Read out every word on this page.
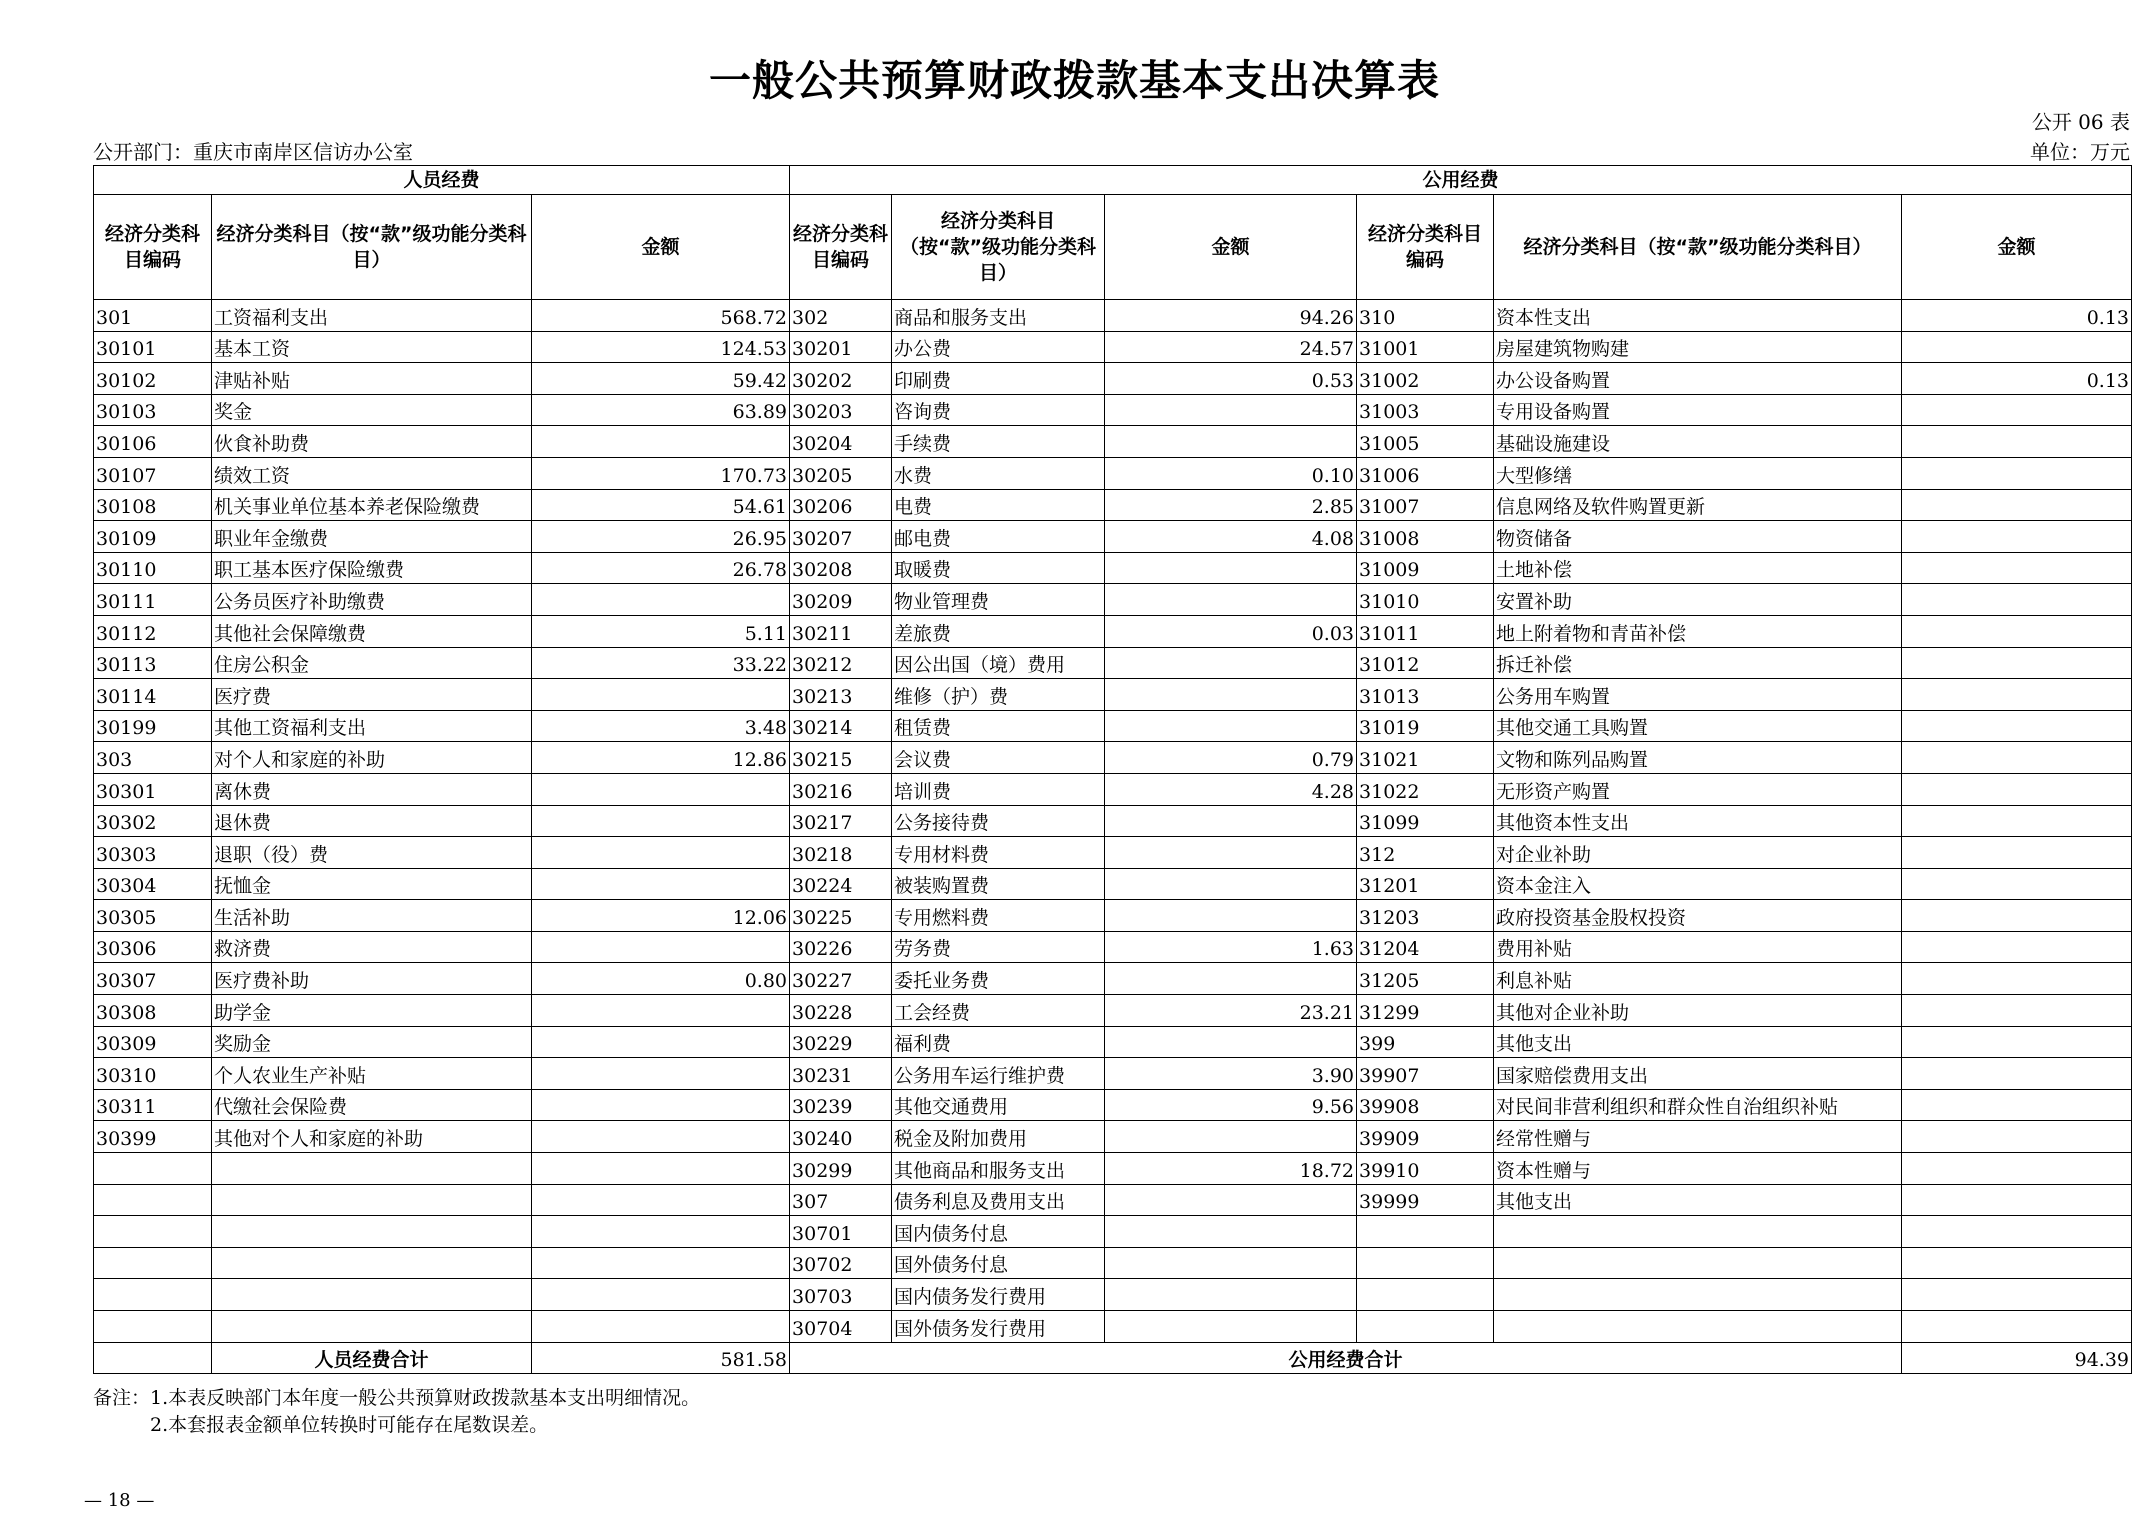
一般公共预算财政拨款基本支出决算表
公开 06 表
公开部门：重庆市南岸区信访办公室	单位：万元
人员经费			公用经费					
经济分类科目编码	经济分类科目（按“款”级功能分类科目）	金额	经济分类科目编码	经济分类科目（按“款”级功能分类科目）	金额	经济分类科目编码	经济分类科目（按“款”级功能分类科目）	金额
301	工资福利支出	568.72	302	商品和服务支出	94.26	310	资本性支出	0.13
30101	基本工资	124.53	30201	办公费	24.57	31001	房屋建筑物购建	
30102	津贴补贴	59.42	30202	印刷费	0.53	31002	办公设备购置	0.13
30103	奖金	63.89	30203	咨询费		31003	专用设备购置	
30106	伙食补助费		30204	手续费		31005	基础设施建设	
30107	绩效工资	170.73	30205	水费	0.10	31006	大型修缮	
30108	机关事业单位基本养老保险缴费	54.61	30206	电费	2.85	31007	信息网络及软件购置更新	
30109	职业年金缴费	26.95	30207	邮电费	4.08	31008	物资储备	
30110	职工基本医疗保险缴费	26.78	30208	取暖费		31009	土地补偿	
30111	公务员医疗补助缴费		30209	物业管理费		31010	安置补助	
30112	其他社会保障缴费	5.11	30211	差旅费	0.03	31011	地上附着物和青苗补偿	
30113	住房公积金	33.22	30212	因公出国（境）费用		31012	拆迁补偿	
30114	医疗费		30213	维修（护）费		31013	公务用车购置	
30199	其他工资福利支出	3.48	30214	租赁费		31019	其他交通工具购置	
303	对个人和家庭的补助	12.86	30215	会议费	0.79	31021	文物和陈列品购置	
30301	离休费		30216	培训费	4.28	31022	无形资产购置	
30302	退休费		30217	公务接待费		31099	其他资本性支出	
30303	退职（役）费		30218	专用材料费		312	对企业补助	
30304	抚恤金		30224	被装购置费		31201	资本金注入	
30305	生活补助	12.06	30225	专用燃料费		31203	政府投资基金股权投资	
30306	救济费		30226	劳务费	1.63	31204	费用补贴	
30307	医疗费补助	0.80	30227	委托业务费		31205	利息补贴	
30308	助学金		30228	工会经费	23.21	31299	其他对企业补助	
30309	奖励金		30229	福利费		399	其他支出	
30310	个人农业生产补贴		30231	公务用车运行维护费	3.90	39907	国家赔偿费用支出	
30311	代缴社会保险费		30239	其他交通费用	9.56	39908	对民间非营利组织和群众性自治组织补贴	
30399	其他对个人和家庭的补助		30240	税金及附加费用		39909	经常性赠与	
			30299	其他商品和服务支出	18.72	39910	资本性赠与	
			307	债务利息及费用支出		39999	其他支出	
			30701	国内债务付息				
			30702	国外债务付息				
			30703	国内债务发行费用				
			30704	国外债务发行费用				
	人员经费合计	581.58	公用经费合计					94.39
备注：1.本表反映部门本年度一般公共预算财政拨款基本支出明细情况。
2.本套报表金额单位转换时可能存在尾数误差。
— 18 —
